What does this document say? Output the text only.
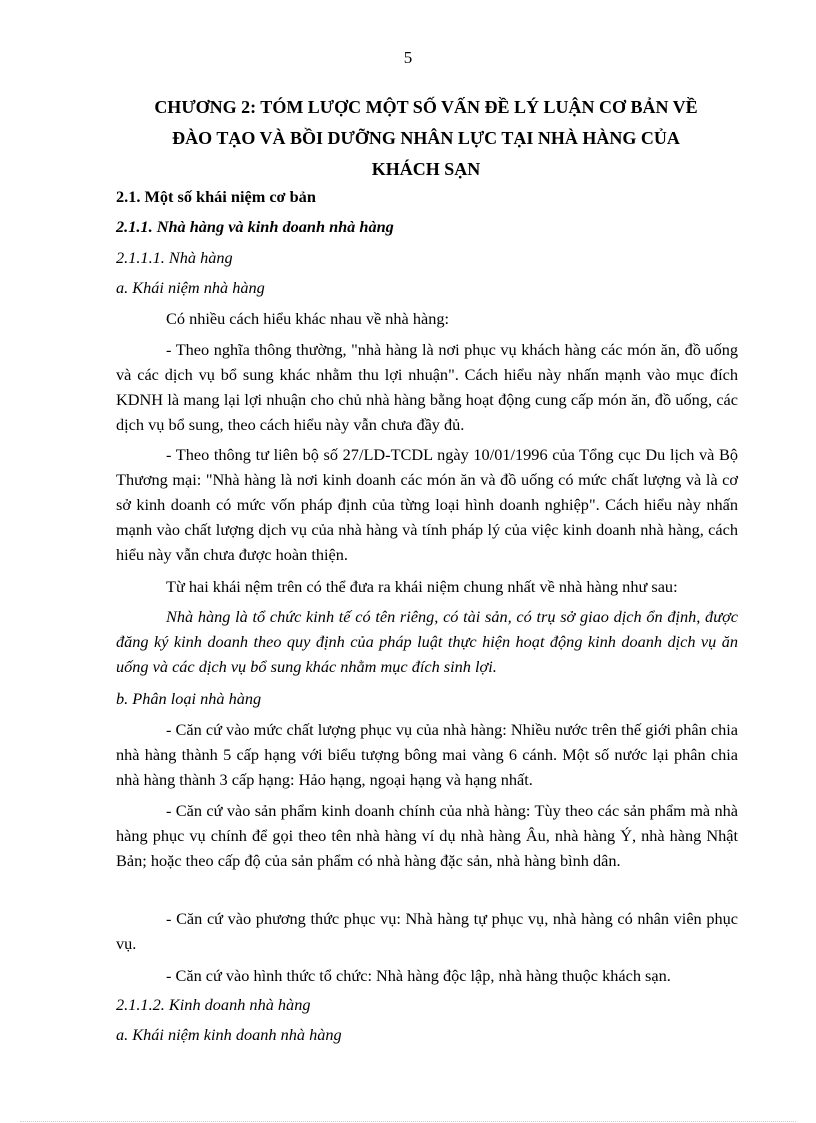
5
CHƯƠNG 2: TÓM LƯỢC MỘT SỐ VẤN ĐỀ LÝ LUẬN CƠ BẢN VỀ
ĐÀO TẠO VÀ BỒI DƯỠNG NHÂN LỰC TẠI NHÀ HÀNG CỦA
KHÁCH SẠN

2.1. Một số khái niệm cơ bản

2.1.1. Nhà hàng và kinh doanh nhà hàng

2.1.1.1. Nhà hàng

a. Khái niệm nhà hàng

Có nhiều cách hiểu khác nhau về nhà hàng:

- Theo nghĩa thông thường, "nhà hàng là nơi phục vụ khách hàng các món ăn, đồ uống và các dịch vụ bổ sung khác nhằm thu lợi nhuận". Cách hiểu này nhấn mạnh vào mục đích KDNH là mang lại lợi nhuận cho chủ nhà hàng bằng hoạt động cung cấp món ăn, đồ uống, các dịch vụ bổ sung, theo cách hiểu này vẫn chưa đầy đủ.

- Theo thông tư liên bộ số 27/LD-TCDL ngày 10/01/1996 của Tổng cục Du lịch và Bộ Thương mại: "Nhà hàng là nơi kinh doanh các món ăn và đồ uống có mức chất lượng và là cơ sở kinh doanh có mức vốn pháp định của từng loại hình doanh nghiệp". Cách hiểu này nhấn mạnh vào chất lượng dịch vụ của nhà hàng và tính pháp lý của việc kinh doanh nhà hàng, cách hiểu này vẫn chưa được hoàn thiện.

Từ hai khái nệm trên có thể đưa ra khái niệm chung nhất về nhà hàng như sau:

Nhà hàng là tổ chức kinh tế có tên riêng, có tài sản, có trụ sở giao dịch ổn định, được đăng ký kinh doanh theo quy định của pháp luật thực hiện hoạt động kinh doanh dịch vụ ăn uống và các dịch vụ bổ sung khác nhằm mục đích sinh lợi.

b. Phân loại nhà hàng

- Căn cứ vào mức chất lượng phục vụ của nhà hàng: Nhiều nước trên thế giới phân chia nhà hàng thành 5 cấp hạng với biểu tượng bông mai vàng 6 cánh. Một số nước lại phân chia nhà hàng thành 3 cấp hạng: Hảo hạng, ngoại hạng và hạng nhất.

- Căn cứ vào sản phẩm kinh doanh chính của nhà hàng: Tùy theo các sản phẩm mà nhà hàng phục vụ chính để gọi theo tên nhà hàng ví dụ nhà hàng Âu, nhà hàng Ý, nhà hàng Nhật Bản; hoặc theo cấp độ của sản phẩm có nhà hàng đặc sản, nhà hàng bình dân.

- Căn cứ vào phương thức phục vụ: Nhà hàng tự phục vụ, nhà hàng có nhân viên phục vụ.

- Căn cứ vào hình thức tổ chức: Nhà hàng độc lập, nhà hàng thuộc khách sạn.

2.1.1.2. Kinh doanh nhà hàng

a. Khái niệm kinh doanh nhà hàng
